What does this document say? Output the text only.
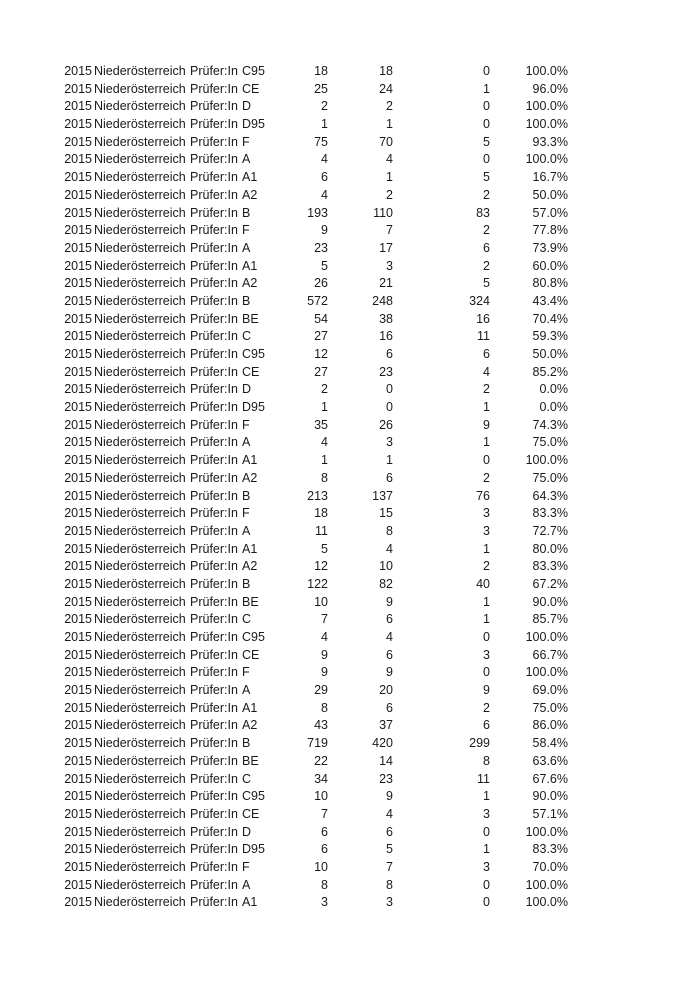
2015 Niederösterreich Prüfer:In C95	18	18	0	100.0%
2015 Niederösterreich Prüfer:In CE	25	24	1	96.0%
2015 Niederösterreich Prüfer:In D	2	2	0	100.0%
2015 Niederösterreich Prüfer:In D95	1	1	0	100.0%
2015 Niederösterreich Prüfer:In F	75	70	5	93.3%
2015 Niederösterreich Prüfer:In A	4	4	0	100.0%
2015 Niederösterreich Prüfer:In A1	6	1	5	16.7%
2015 Niederösterreich Prüfer:In A2	4	2	2	50.0%
2015 Niederösterreich Prüfer:In B	193	110	83	57.0%
2015 Niederösterreich Prüfer:In F	9	7	2	77.8%
2015 Niederösterreich Prüfer:In A	23	17	6	73.9%
2015 Niederösterreich Prüfer:In A1	5	3	2	60.0%
2015 Niederösterreich Prüfer:In A2	26	21	5	80.8%
2015 Niederösterreich Prüfer:In B	572	248	324	43.4%
2015 Niederösterreich Prüfer:In BE	54	38	16	70.4%
2015 Niederösterreich Prüfer:In C	27	16	11	59.3%
2015 Niederösterreich Prüfer:In C95	12	6	6	50.0%
2015 Niederösterreich Prüfer:In CE	27	23	4	85.2%
2015 Niederösterreich Prüfer:In D	2	0	2	0.0%
2015 Niederösterreich Prüfer:In D95	1	0	1	0.0%
2015 Niederösterreich Prüfer:In F	35	26	9	74.3%
2015 Niederösterreich Prüfer:In A	4	3	1	75.0%
2015 Niederösterreich Prüfer:In A1	1	1	0	100.0%
2015 Niederösterreich Prüfer:In A2	8	6	2	75.0%
2015 Niederösterreich Prüfer:In B	213	137	76	64.3%
2015 Niederösterreich Prüfer:In F	18	15	3	83.3%
2015 Niederösterreich Prüfer:In A	11	8	3	72.7%
2015 Niederösterreich Prüfer:In A1	5	4	1	80.0%
2015 Niederösterreich Prüfer:In A2	12	10	2	83.3%
2015 Niederösterreich Prüfer:In B	122	82	40	67.2%
2015 Niederösterreich Prüfer:In BE	10	9	1	90.0%
2015 Niederösterreich Prüfer:In C	7	6	1	85.7%
2015 Niederösterreich Prüfer:In C95	4	4	0	100.0%
2015 Niederösterreich Prüfer:In CE	9	6	3	66.7%
2015 Niederösterreich Prüfer:In F	9	9	0	100.0%
2015 Niederösterreich Prüfer:In A	29	20	9	69.0%
2015 Niederösterreich Prüfer:In A1	8	6	2	75.0%
2015 Niederösterreich Prüfer:In A2	43	37	6	86.0%
2015 Niederösterreich Prüfer:In B	719	420	299	58.4%
2015 Niederösterreich Prüfer:In BE	22	14	8	63.6%
2015 Niederösterreich Prüfer:In C	34	23	11	67.6%
2015 Niederösterreich Prüfer:In C95	10	9	1	90.0%
2015 Niederösterreich Prüfer:In CE	7	4	3	57.1%
2015 Niederösterreich Prüfer:In D	6	6	0	100.0%
2015 Niederösterreich Prüfer:In D95	6	5	1	83.3%
2015 Niederösterreich Prüfer:In F	10	7	3	70.0%
2015 Niederösterreich Prüfer:In A	8	8	0	100.0%
2015 Niederösterreich Prüfer:In A1	3	3	0	100.0%
